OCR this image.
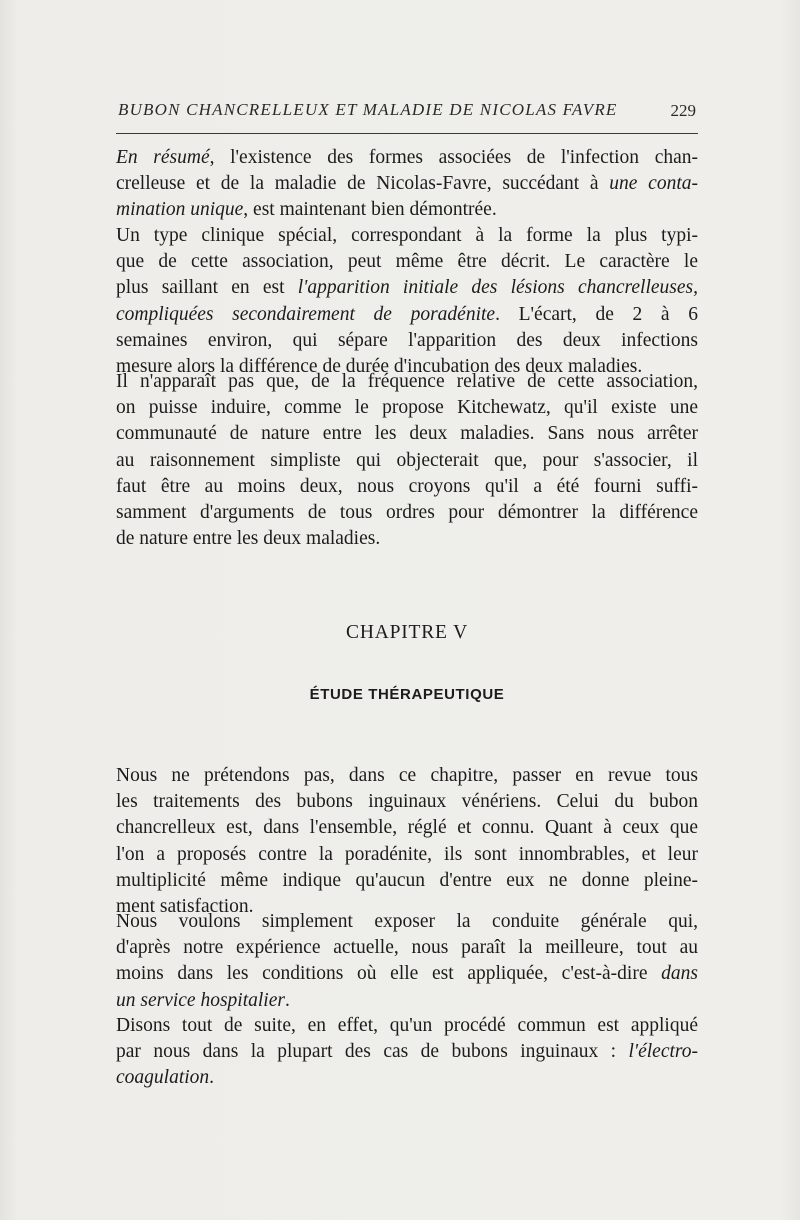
BUBON CHANCRELLEUX ET MALADIE DE NICOLAS FAVRE	229
En résumé, l'existence des formes associées de l'infection chan-
crelleuse et de la maladie de Nicolas-Favre, succédant à une conta-
mination unique, est maintenant bien démontrée.
Un type clinique spécial, correspondant à la forme la plus typi-
que de cette association, peut même être décrit. Le caractère le
plus saillant en est l'apparition initiale des lésions chancrelleuses,
compliquées secondairement de poradénite. L'écart, de 2 à 6
semaines environ, qui sépare l'apparition des deux infections
mesure alors la différence de durée d'incubation des deux maladies.
Il n'apparaît pas que, de la fréquence relative de cette association,
on puisse induire, comme le propose Kitchewatz, qu'il existe une
communauté de nature entre les deux maladies. Sans nous arrêter
au raisonnement simpliste qui objecterait que, pour s'associer, il
faut être au moins deux, nous croyons qu'il a été fourni suffi-
samment d'arguments de tous ordres pour démontrer la différence
de nature entre les deux maladies.
CHAPITRE V
ÉTUDE THÉRAPEUTIQUE
Nous ne prétendons pas, dans ce chapitre, passer en revue tous
les traitements des bubons inguinaux vénériens. Celui du bubon
chancrelleux est, dans l'ensemble, réglé et connu. Quant à ceux que
l'on a proposés contre la poradénite, ils sont innombrables, et leur
multiplicité même indique qu'aucun d'entre eux ne donne pleine-
ment satisfaction.
Nous voulons simplement exposer la conduite générale qui,
d'après notre expérience actuelle, nous paraît la meilleure, tout au
moins dans les conditions où elle est appliquée, c'est-à-dire dans
un service hospitalier.
Disons tout de suite, en effet, qu'un procédé commun est appliqué
par nous dans la plupart des cas de bubons inguinaux : l'électro-
coagulation.
